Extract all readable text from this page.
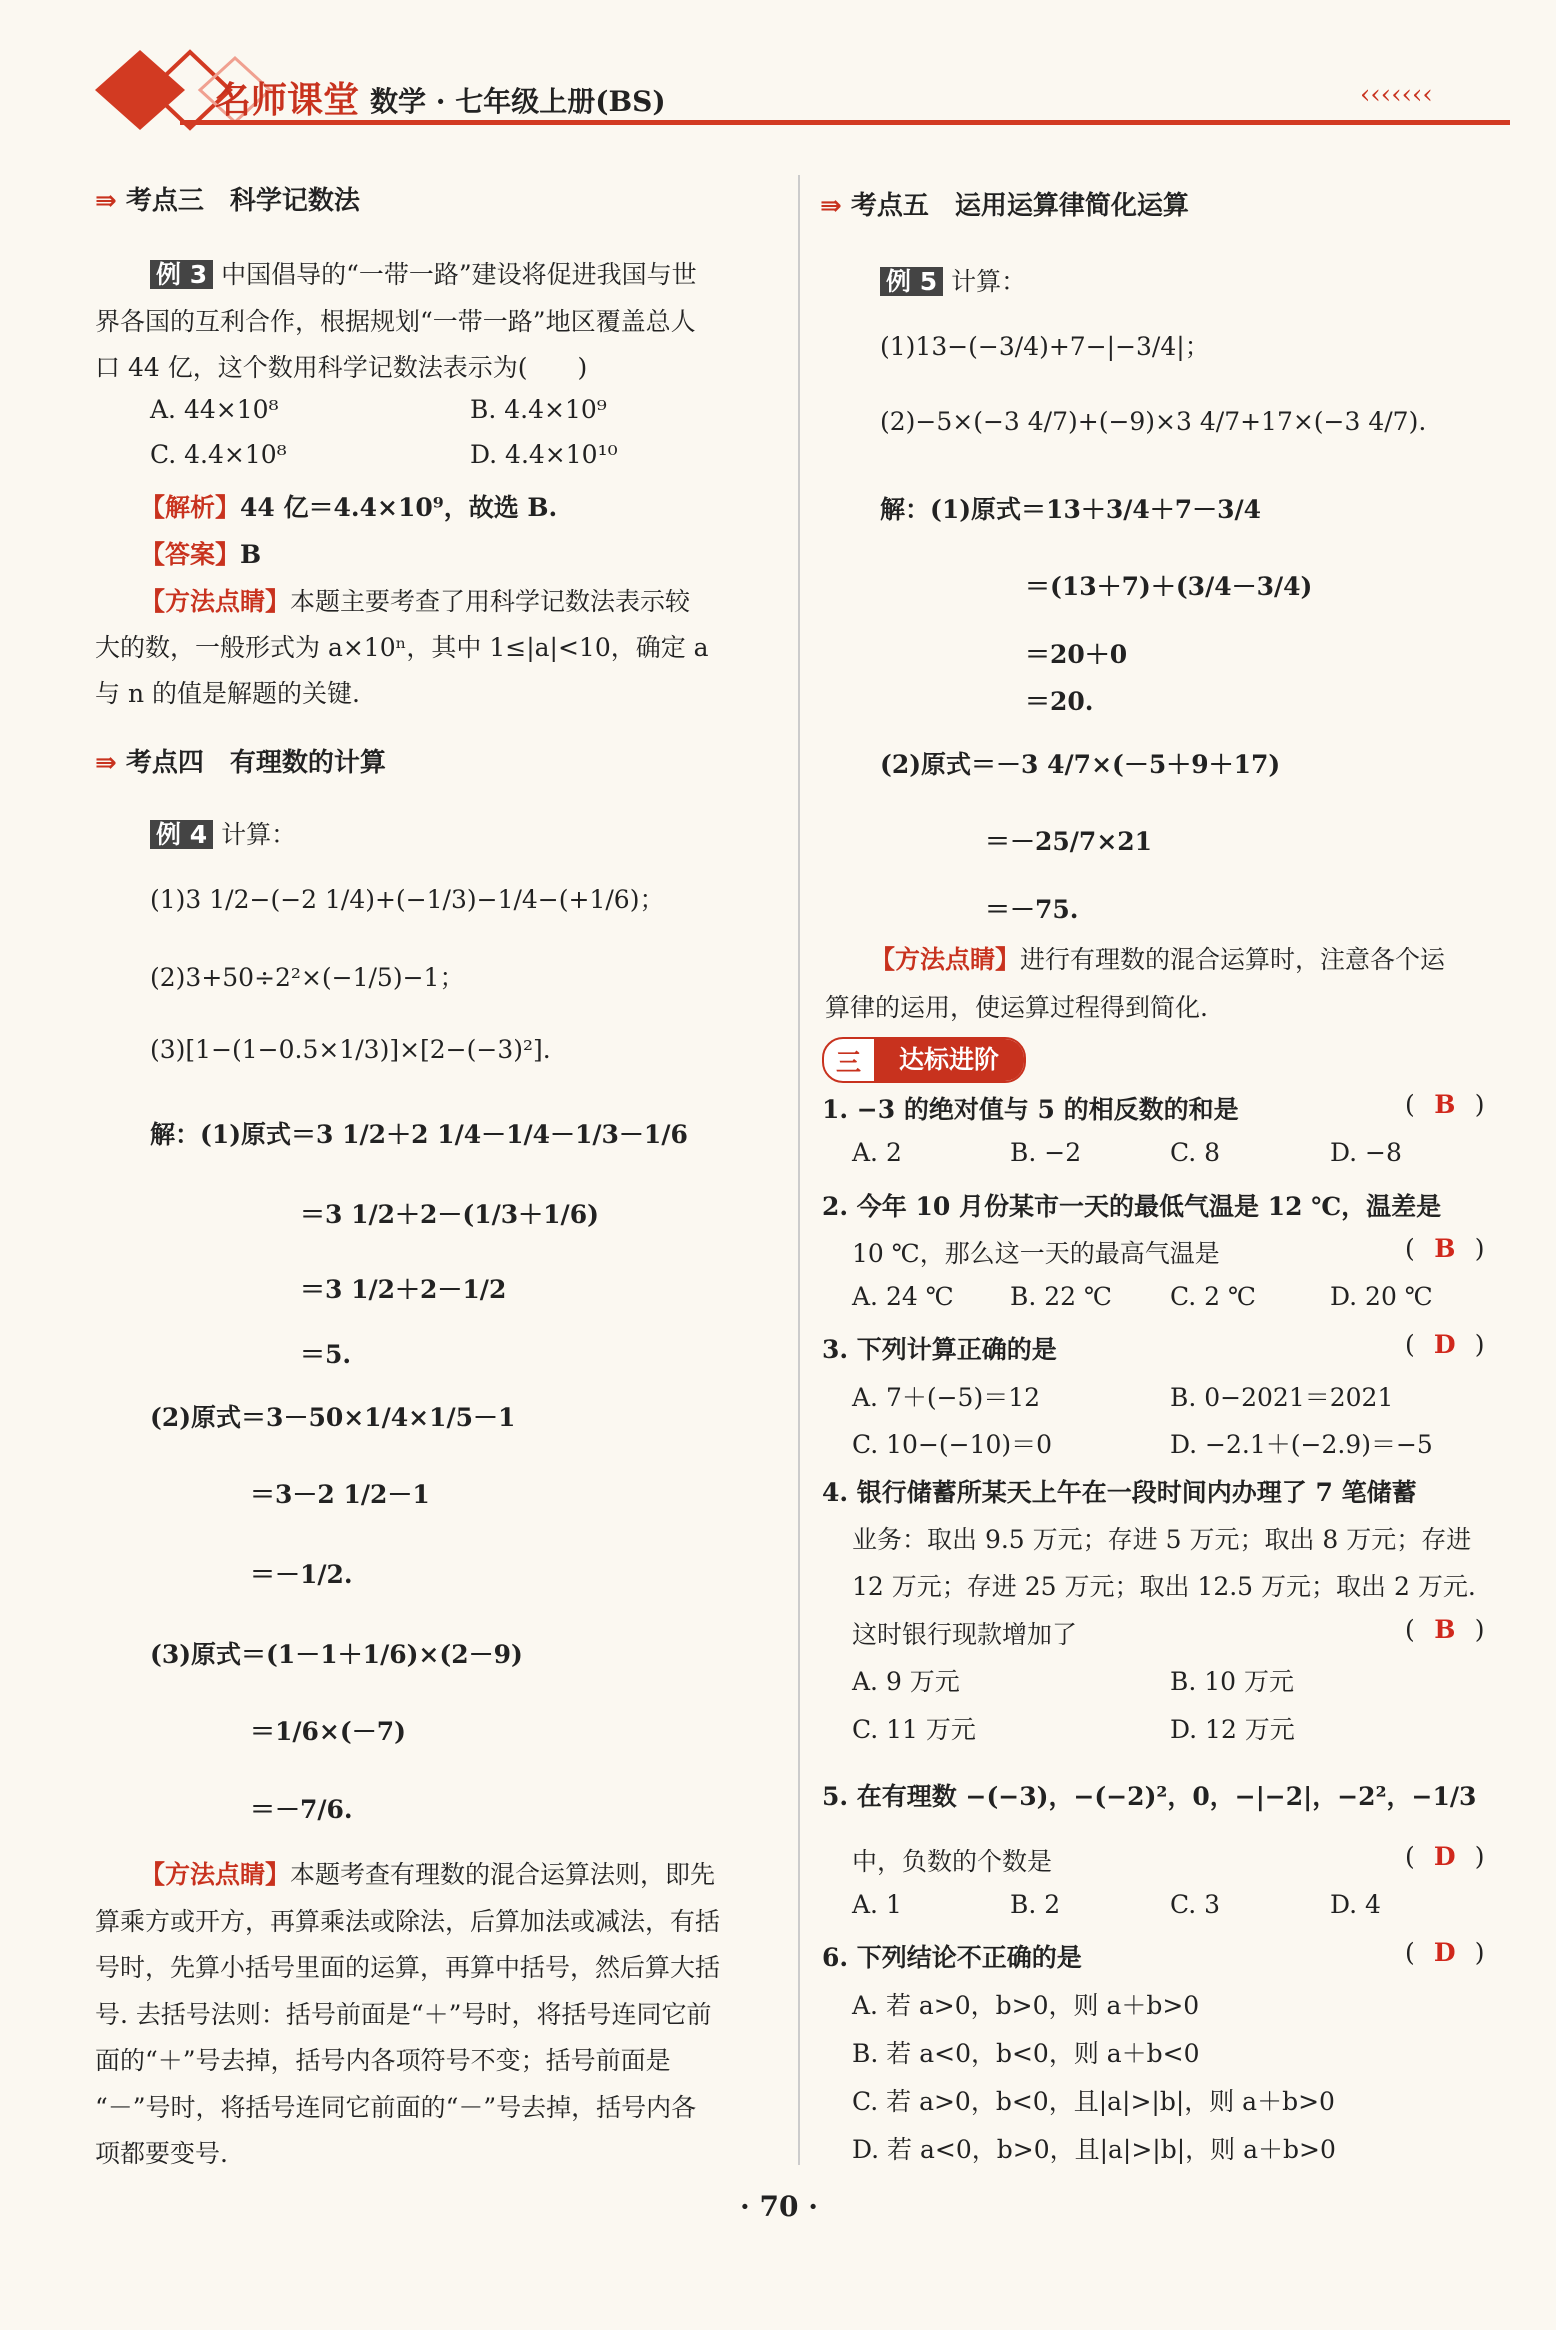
名师课堂 数学 · 七年级上册(BS)	‹‹‹‹‹‹‹
⇛ 考点三　科学记数法
例 3 中国倡导的“一带一路”建设将促进我国与世
界各国的互利合作，根据规划“一带一路”地区覆盖总人
口 44 亿，这个数用科学记数法表示为(　　)
A. 44×10⁸	B. 4.4×10⁹
C. 4.4×10⁸	D. 4.4×10¹⁰
【解析】44 亿＝4.4×10⁹，故选 B.
【答案】B
【方法点睛】本题主要考查了用科学记数法表示较
大的数，一般形式为 a×10ⁿ，其中 1≤|a|<10，确定 a
与 n 的值是解题的关键.
⇛ 考点四　有理数的计算
例 4 计算：
(1)3 1/2−(−2 1/4)+(−1/3)−1/4−(+1/6)；
(2)3+50÷2²×(−1/5)−1；
(3)[1−(1−0.5×1/3)]×[2−(−3)²].
解：(1)原式＝3 1/2＋2 1/4－1/4－1/3－1/6
＝3 1/2＋2－(1/3＋1/6)
＝3 1/2＋2－1/2
＝5.
(2)原式＝3－50×1/4×1/5－1
＝3－2 1/2－1
＝－1/2.
(3)原式＝(1－1＋1/6)×(2－9)
＝1/6×(－7)
＝－7/6.
【方法点睛】本题考查有理数的混合运算法则，即先
算乘方或开方，再算乘法或除法，后算加法或减法，有括
号时，先算小括号里面的运算，再算中括号，然后算大括
号. 去括号法则：括号前面是“＋”号时，将括号连同它前
面的“＋”号去掉，括号内各项符号不变；括号前面是
“－”号时，将括号连同它前面的“－”号去掉，括号内各
项都要变号.
⇛ 考点五　运用运算律简化运算
例 5 计算：
(1)13−(−3/4)+7−|−3/4|；
(2)−5×(−3 4/7)+(−9)×3 4/7+17×(−3 4/7).
解：(1)原式＝13＋3/4＋7－3/4
＝(13＋7)＋(3/4－3/4)
＝20＋0
＝20.
(2)原式＝－3 4/7×(－5＋9＋17)
＝－25/7×21
＝－75.
【方法点睛】进行有理数的混合运算时，注意各个运
算律的运用，使运算过程得到简化.
三	达标进阶
1. −3 的绝对值与 5 的相反数的和是	( B )
A. 2	B. −2	C. 8	D. −8
2. 今年 10 月份某市一天的最低气温是 12 ℃，温差是
10 ℃，那么这一天的最高气温是	( B )
A. 24 ℃ B. 22 ℃ C. 2 ℃	D. 20 ℃
3. 下列计算正确的是	( D )
A. 7＋(−5)＝12	B. 0−2021＝2021
C. 10−(−10)＝0	D. −2.1＋(−2.9)＝−5
4. 银行储蓄所某天上午在一段时间内办理了 7 笔储蓄
业务：取出 9.5 万元；存进 5 万元；取出 8 万元；存进
12 万元；存进 25 万元；取出 12.5 万元；取出 2 万元.
这时银行现款增加了	( B )
A. 9 万元	B. 10 万元
C. 11 万元	D. 12 万元
5. 在有理数 −(−3)，−(−2)²，0，−|−2|，−2²，−1/3
中，负数的个数是	( D )
A. 1	B. 2	C. 3	D. 4
6. 下列结论不正确的是	( D )
A. 若 a>0，b>0，则 a＋b>0
B. 若 a<0，b<0，则 a＋b<0
C. 若 a>0，b<0，且|a|>|b|，则 a＋b>0
D. 若 a<0，b>0，且|a|>|b|，则 a＋b>0
· 70 ·
